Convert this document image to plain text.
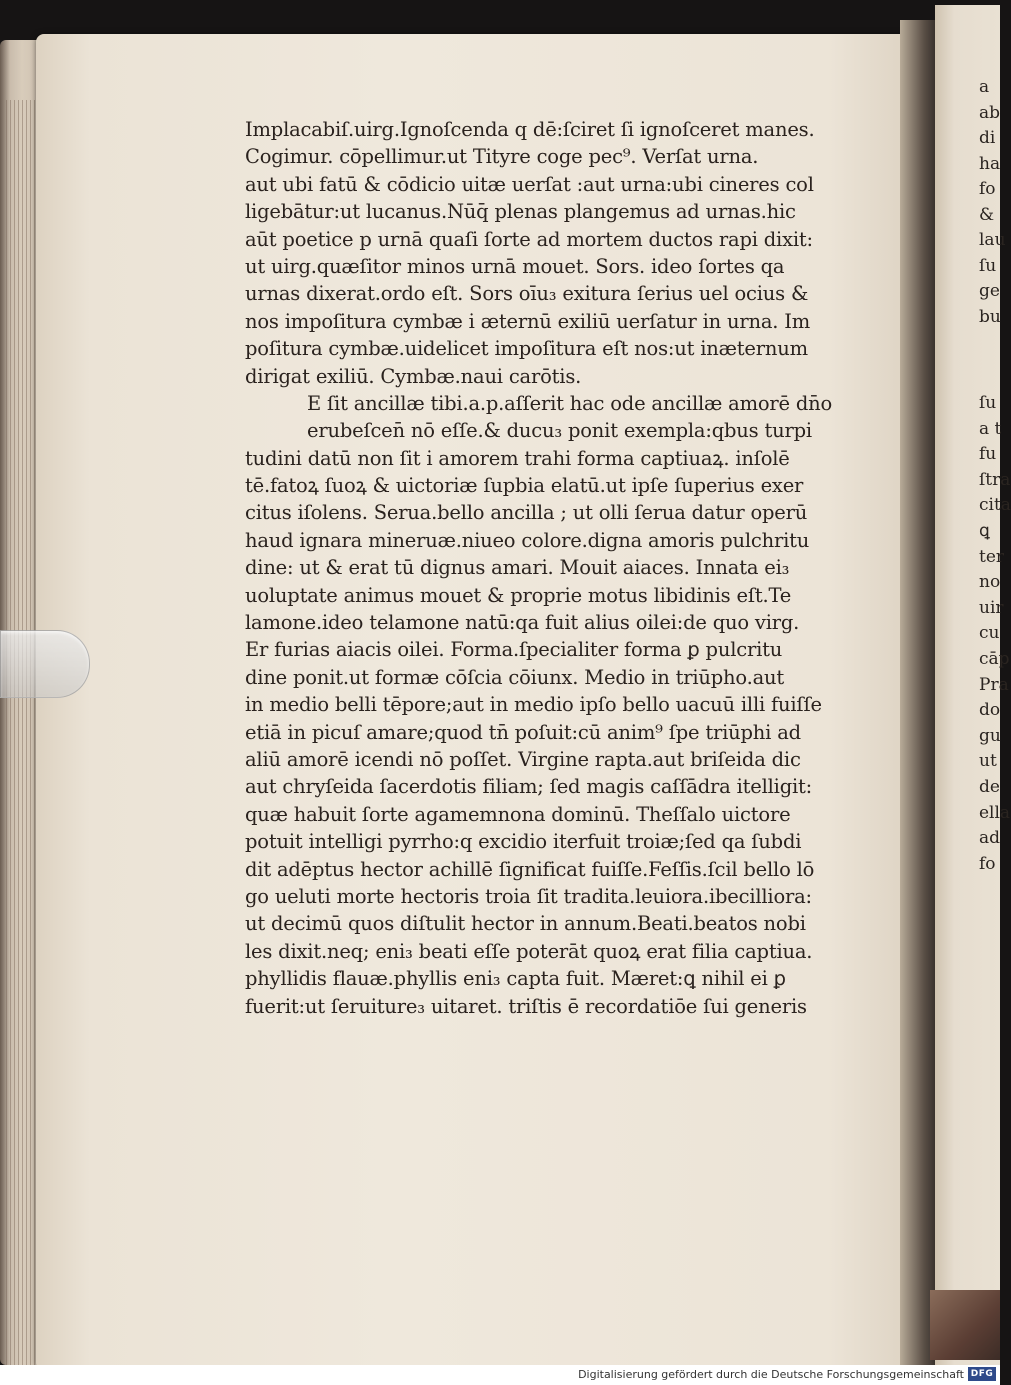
a
ab
di
ha
fo
&
lau
ſu
ge
bu
ſu
a t
fu
ſtra
cita
ꝗ
ter
no
uir
cu
cāp
Pra
do
gu
ut
de
ella
ad
fo
Implacabiſ.uirg.Ignoſcenda q dē:ſciret ſi ignoſceret manes.
Cogimur. cōpellimur.ut Tityre coge pec⁹. Verſat urna.
aut ubi fatū & cōdicio uitæ uerſat :aut urna:ubi cineres col
ligebātur:ut lucanus.Nūq̄ plenas plangemus ad urnas.hic
aūt poetice p urnā quaſi ſorte ad mortem ductos rapi dixit:
ut uirg.quæſitor minos urnā mouet. Sors. ideo ſortes qa
urnas dixerat.ordo eſt. Sors oīu₃ exitura ſerius uel ocius &
nos impoſitura cymbæ i æternū exiliū uerſatur in urna. Im
poſitura cymbæ.uidelicet impoſitura eſt nos:ut inæternum
dirigat exiliū. Cymbæ.naui carōtis.
E ſit ancillæ tibi.a.p.aſſerit hac ode ancillæ amorē dn̄o
erubeſcen̄ nō eſſe.& ducu₃ ponit exempla:qbus turpi
tudini datū non ſit i amorem trahi forma captiuaꝝ. inſolē
tē.fatoꝝ ſuoꝝ & uictoriæ ſupbia elatū.ut ipſe ſuperius exer
citus iſolens. Serua.bello ancilla ; ut olli ſerua datur operū
haud ignara mineruæ.niueo colore.digna amoris pulchritu
dine: ut & erat tū dignus amari. Mouit aiaces. Innata ei₃
uoluptate animus mouet & proprie motus libidinis eſt.Te
lamone.ideo telamone natū:qa fuit alius oilei:de quo virg.
Er furias aiacis oilei. Forma.ſpecialiter forma ꝑ pulcritu
dine ponit.ut formæ cōſcia cōiunx. Medio in triūpho.aut
in medio belli tēpore;aut in medio ipſo bello uacuū illi fuiſſe
etiā in picuſ amare;quod tn̄ poſuit:cū anim⁹ ſpe triūphi ad
aliū amorē icendi nō poſſet. Virgine rapta.aut briſeida dic
aut chryſeida ſacerdotis filiam; ſed magis caſſādra itelligit:
quæ habuit ſorte agamemnona dominū. Theſſalo uictore
potuit intelligi pyrrho:q excidio iterfuit troiæ;ſed qa ſubdi
dit adēptus hector achillē ſignificat fuiſſe.Feſſis.ſcil bello lō
go ueluti morte hectoris troia ſit tradita.leuiora.ibecilliora:
ut decimū quos diſtulit hector in annum.Beati.beatos nobi
les dixit.neq; eni₃ beati eſſe poterāt quoꝝ erat filia captiua.
phyllidis flauæ.phyllis eni₃ capta fuit. Mæret:ꝗ nihil ei ꝑ
fuerit:ut ſeruiture₃ uitaret. triſtis ē recordatiōe ſui generis
Digitalisierung gefördert durch die Deutsche Forschungsgemeinschaft DFG
